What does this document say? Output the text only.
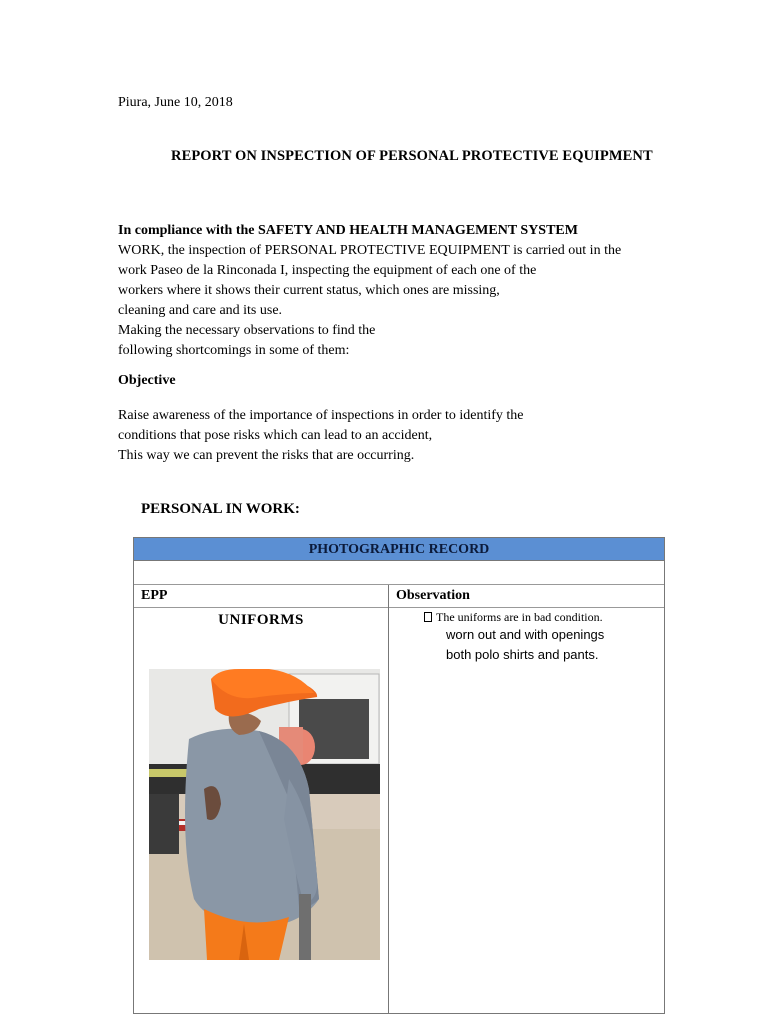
Piura, June 10, 2018
REPORT ON INSPECTION OF PERSONAL PROTECTIVE EQUIPMENT
In compliance with the SAFETY AND HEALTH MANAGEMENT SYSTEM
WORK, the inspection of PERSONAL PROTECTIVE EQUIPMENT is carried out in the
work Paseo de la Rinconada I, inspecting the equipment of each one of the
workers where it shows their current status, which ones are missing,
cleaning and care and its use.
Making the necessary observations to find the
following shortcomings in some of them:
Objective
Raise awareness of the importance of inspections in order to identify the
conditions that pose risks which can lead to an accident,
This way we can prevent the risks that are occurring.
PERSONAL IN WORK:
PHOTOGRAPHIC RECORD
EPP	Observation
UNIFORMS	The uniforms are in bad condition.
worn out and with openings
both polo shirts and pants.
